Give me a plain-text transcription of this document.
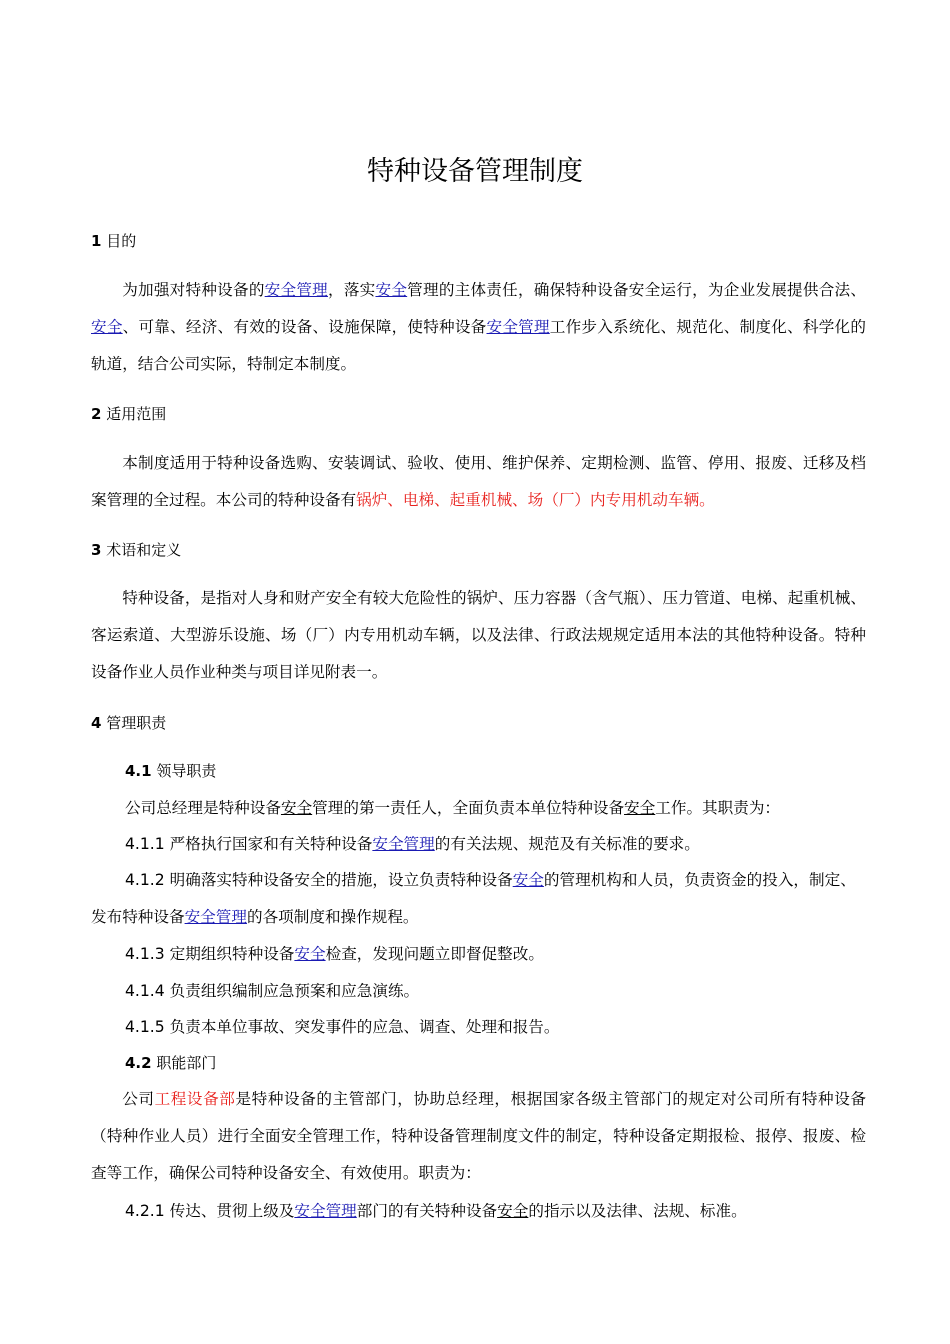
特种设备管理制度
1 目的
为加强对特种设备的安全管理，落实安全管理的主体责任，确保特种设备安全运行，为企业发展提供合法、安全、可靠、经济、有效的设备、设施保障，使特种设备安全管理工作步入系统化、规范化、制度化、科学化的轨道，结合公司实际，特制定本制度。
2 适用范围
本制度适用于特种设备选购、安装调试、验收、使用、维护保养、定期检测、监管、停用、报废、迁移及档案管理的全过程。本公司的特种设备有锅炉、电梯、起重机械、场（厂）内专用机动车辆。
3 术语和定义
特种设备，是指对人身和财产安全有较大危险性的锅炉、压力容器（含气瓶）、压力管道、电梯、起重机械、客运索道、大型游乐设施、场（厂）内专用机动车辆，以及法律、行政法规规定适用本法的其他特种设备。特种设备作业人员作业种类与项目详见附表一。
4 管理职责
4.1 领导职责
公司总经理是特种设备安全管理的第一责任人，全面负责本单位特种设备安全工作。其职责为：
4.1.1 严格执行国家和有关特种设备安全管理的有关法规、规范及有关标准的要求。
4.1.2 明确落实特种设备安全的措施，设立负责特种设备安全的管理机构和人员，负责资金的投入，制定、发布特种设备安全管理的各项制度和操作规程。
4.1.3 定期组织特种设备安全检查，发现问题立即督促整改。
4.1.4 负责组织编制应急预案和应急演练。
4.1.5 负责本单位事故、突发事件的应急、调查、处理和报告。
4.2 职能部门
公司工程设备部是特种设备的主管部门，协助总经理，根据国家各级主管部门的规定对公司所有特种设备（特种作业人员）进行全面安全管理工作，特种设备管理制度文件的制定，特种设备定期报检、报停、报废、检查等工作，确保公司特种设备安全、有效使用。职责为：
4.2.1 传达、贯彻上级及安全管理部门的有关特种设备安全的指示以及法律、法规、标准。
